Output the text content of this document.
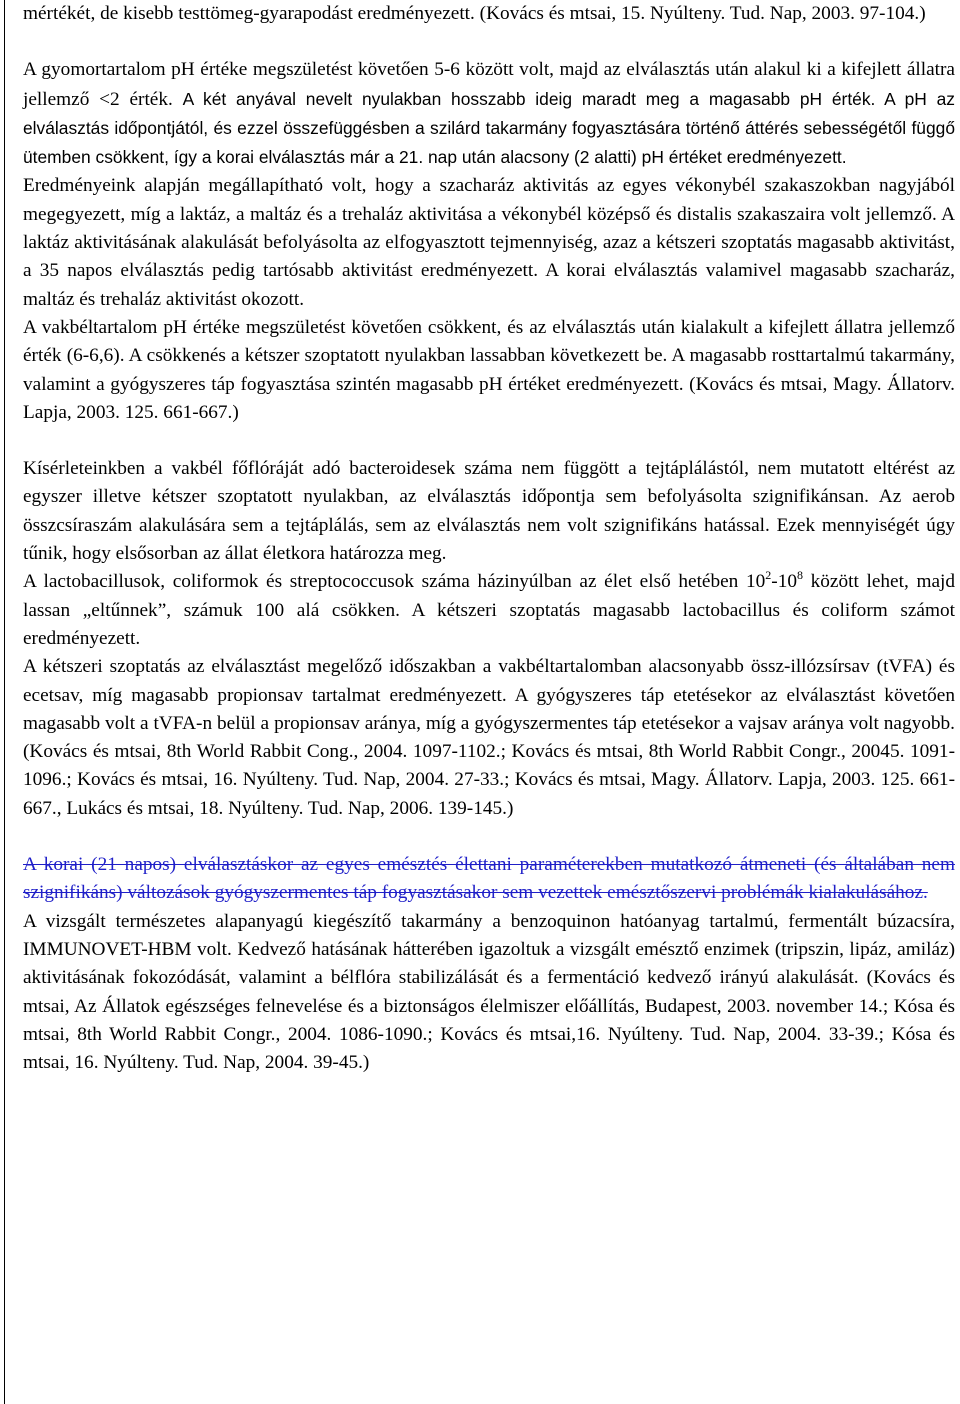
mértékét, de kisebb testtömeg-gyarapodást eredményezett. (Kovács és mtsai, 15. Nyúlteny. Tud. Nap, 2003. 97-104.)

A gyomortartalom pH értéke megszületést követően 5-6 között volt, majd az elválasztás után alakul ki a kifejlett állatra jellemző <2 érték. A két anyával nevelt nyulakban hosszabb ideig maradt meg a magasabb pH érték. A pH az elválasztás időpontjától, és ezzel összefüggésben a szilárd takarmány fogyasztására történő áttérés sebességétől függő ütemben csökkent, így a korai elválasztás már a 21. nap után alacsony (2 alatti) pH értéket eredményezett.

Eredményeink alapján megállapítható volt, hogy a szacharáz aktivitás az egyes vékonybél szakaszokban nagyjából megegyezett, míg a laktáz, a maltáz és a trehaláz aktivitása a vékonybél középső és distalis szakaszaira volt jellemző. A laktáz aktivitásának alakulását befolyásolta az elfogyasztott tejmennyiség, azaz a kétszeri szoptatás magasabb aktivitást, a 35 napos elválasztás pedig tartósabb aktivitást eredményezett. A korai elválasztás valamivel magasabb szacharáz, maltáz és trehaláz aktivitást okozott.

A vakbéltartalom pH értéke megszületést követően csökkent, és az elválasztás után kialakult a kifejlett állatra jellemző érték (6-6,6). A csökkenés a kétszer szoptatott nyulakban lassabban következett be. A magasabb rosttartalmú takarmány, valamint a gyógyszeres táp fogyasztása szintén magasabb pH értéket eredményezett. (Kovács és mtsai, Magy. Állatorv. Lapja, 2003. 125. 661-667.)

Kísérleteinkben a vakbél főflóráját adó bacteroidesek száma nem függött a tejtáplálástól, nem mutatott eltérést az egyszer illetve kétszer szoptatott nyulakban, az elválasztás időpontja sem befolyásolta szignifikánsan. Az aerob összcsíraszám alakulására sem a tejtáplálás, sem az elválasztás nem volt szignifikáns hatással. Ezek mennyiségét úgy tűnik, hogy elsősorban az állat életkora határozza meg.

A lactobacillusok, coliformok és streptococcusok száma házinyúlban az élet első hetében $10^2-10^8$ között lehet, majd lassan „eltűnnek”, számuk 100 alá csökken. A kétszeri szoptatás magasabb lactobacillus és coliform számot eredményezett.

A kétszeri szoptatás az elválasztást megelőző időszakban a vakbéltartalomban alacsonyabb össz-illózsírsav (tVFA) és ecetsav, míg magasabb propionsav tartalmat eredményezett. A gyógyszeres táp etetésekor az elválasztást követően magasabb volt a tVFA-n belül a propionsav aránya, míg a gyógyszermentes táp etetésekor a vajsav aránya volt nagyobb. (Kovács és mtsai, 8th World Rabbit Cong., 2004. 1097-1102.; Kovács és mtsai, 8th World Rabbit Congr., 20045. 1091-1096.; Kovács és mtsai, 16. Nyúlteny. Tud. Nap, 2004. 27-33.; Kovács és mtsai, Magy. Állatorv. Lapja, 2003. 125. 661-667., Lukács és mtsai, 18. Nyúlteny. Tud. Nap, 2006. 139-145.)

A korai (21 napos) elválasztáskor az egyes emésztés élettani paraméterekben mutatkozó átmeneti (és általában nem szignifikáns) változások gyógyszermentes táp fogyasztásakor sem vezettek emésztőszervi problémák kialakulásához.

A vizsgált természetes alapanyagú kiegészítő takarmány a benzoquinon hatóanyag tartalmú, fermentált búzacsíra, IMMUNOVET-HBM volt. Kedvező hatásának hátterében igazoltuk a vizsgált emésztő enzimek (tripszin, lipáz, amiláz) aktivitásának fokozódását, valamint a bélflóra stabilizálását és a fermentáció kedvező irányú alakulását. (Kovács és mtsai, Az Állatok egészséges felnevelése és a biztonságos élelmiszer előállítás, Budapest, 2003. november 14.; Kósa és mtsai, 8th World Rabbit Congr., 2004. 1086-1090.; Kovács és mtsai,16. Nyúlteny. Tud. Nap, 2004. 33-39.; Kósa és mtsai, 16. Nyúlteny. Tud. Nap, 2004. 39-45.)
